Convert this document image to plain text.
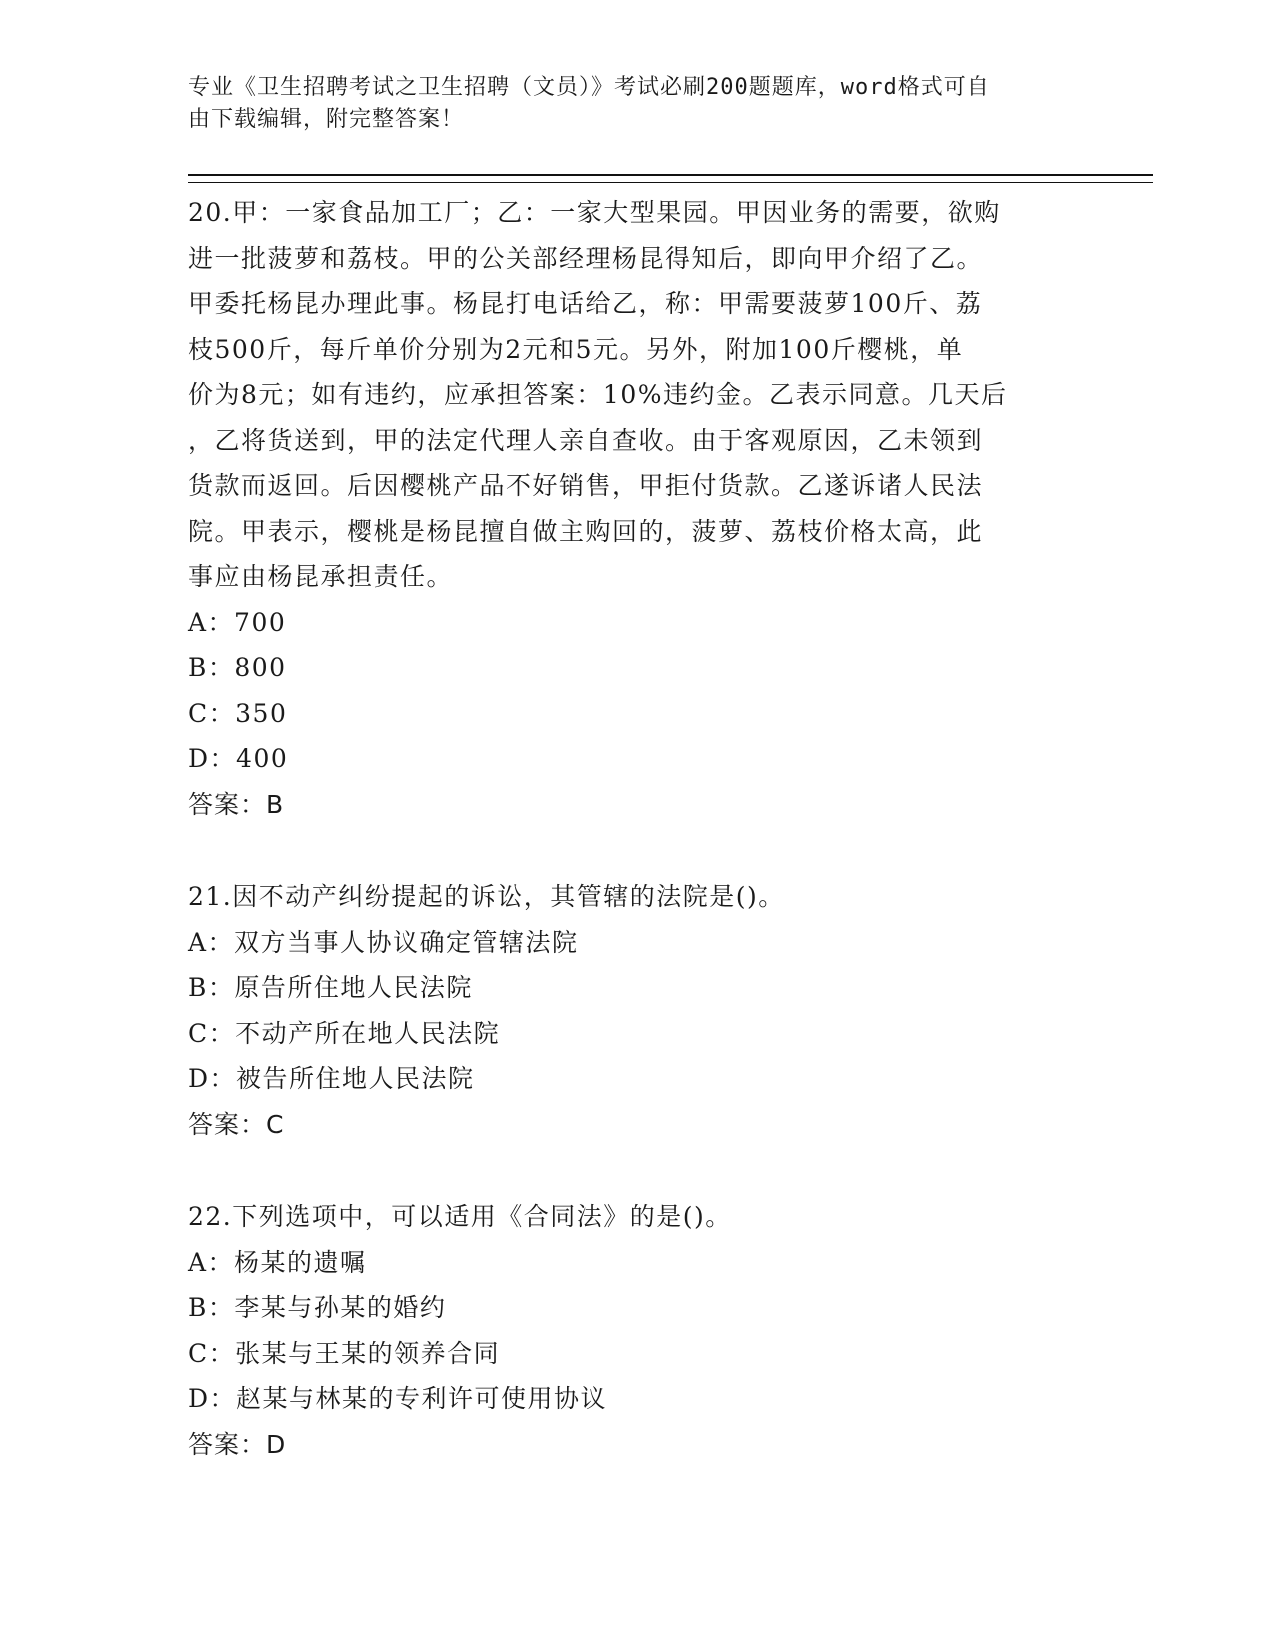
专业《卫生招聘考试之卫生招聘（文员）》考试必刷200题题库，word格式可自
由下载编辑，附完整答案！

20.甲：一家食品加工厂；乙：一家大型果园。甲因业务的需要，欲购

进一批菠萝和荔枝。甲的公关部经理杨昆得知后，即向甲介绍了乙。

甲委托杨昆办理此事。杨昆打电话给乙，称：甲需要菠萝100斤、荔

枝500斤，每斤单价分别为2元和5元。另外，附加100斤樱桃，单

价为8元；如有违约，应承担答案：10%违约金。乙表示同意。几天后

，乙将货送到，甲的法定代理人亲自查收。由于客观原因，乙未领到

货款而返回。后因樱桃产品不好销售，甲拒付货款。乙遂诉诸人民法

院。甲表示，樱桃是杨昆擅自做主购回的，菠萝、荔枝价格太高，此

事应由杨昆承担责任。

A：700

B：800

C：350

D：400

答案：B

21.因不动产纠纷提起的诉讼，其管辖的法院是()。

A：双方当事人协议确定管辖法院

B：原告所住地人民法院

C：不动产所在地人民法院

D：被告所住地人民法院

答案：C

22.下列选项中，可以适用《合同法》的是()。

A：杨某的遗嘱

B：李某与孙某的婚约

C：张某与王某的领养合同

D：赵某与林某的专利许可使用协议

答案：D
